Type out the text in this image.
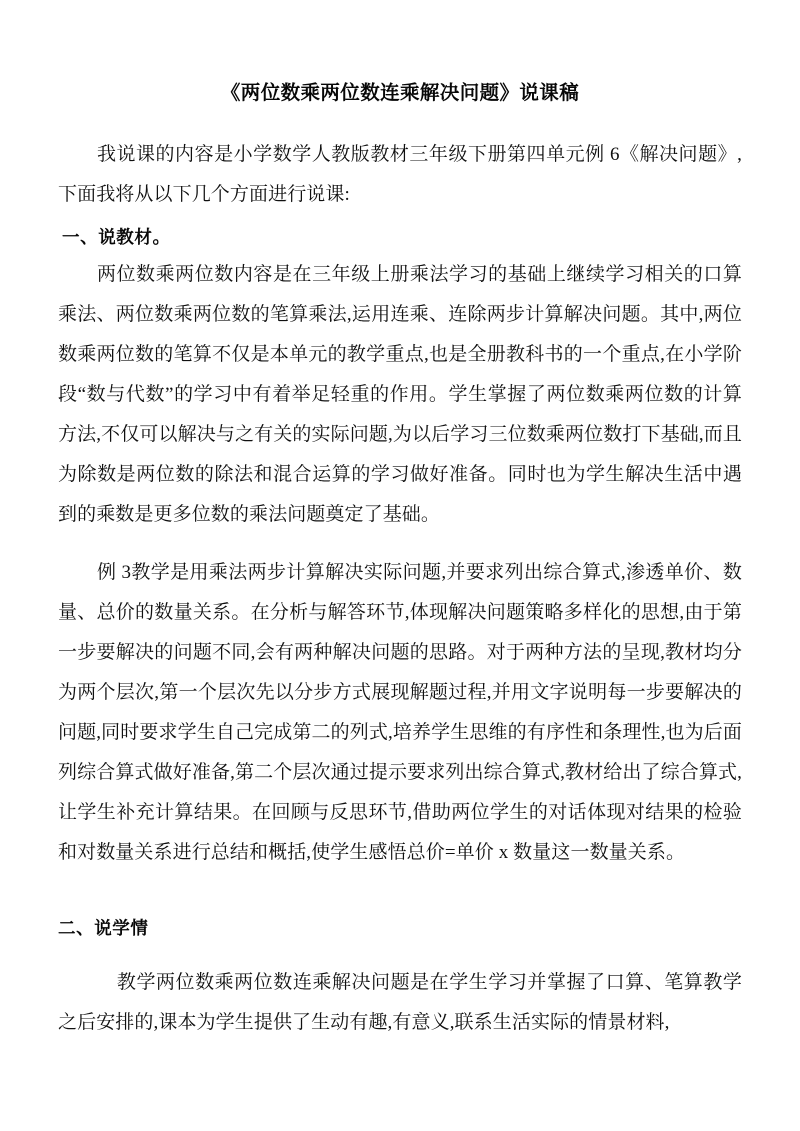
《两位数乘两位数连乘解决问题》说课稿

我说课的内容是小学数学人教版教材三年级下册第四单元例 6《解决问题》,下面我将从以下几个方面进行说课:

一、说教材。

两位数乘两位数内容是在三年级上册乘法学习的基础上继续学习相关的口算乘法、两位数乘两位数的笔算乘法,运用连乘、连除两步计算解决问题。其中,两位数乘两位数的笔算不仅是本单元的教学重点,也是全册教科书的一个重点,在小学阶段“数与代数”的学习中有着举足轻重的作用。学生掌握了两位数乘两位数的计算方法,不仅可以解决与之有关的实际问题,为以后学习三位数乘两位数打下基础,而且为除数是两位数的除法和混合运算的学习做好准备。同时也为学生解决生活中遇到的乘数是更多位数的乘法问题奠定了基础。

例 3教学是用乘法两步计算解决实际问题,并要求列出综合算式,渗透单价、数量、总价的数量关系。在分析与解答环节,体现解决问题策略多样化的思想,由于第一步要解决的问题不同,会有两种解决问题的思路。对于两种方法的呈现,教材均分为两个层次,第一个层次先以分步方式展现解题过程,并用文字说明每一步要解决的问题,同时要求学生自己完成第二的列式,培养学生思维的有序性和条理性,也为后面列综合算式做好准备,第二个层次通过提示要求列出综合算式,教材给出了综合算式,让学生补充计算结果。在回顾与反思环节,借助两位学生的对话体现对结果的检验和对数量关系进行总结和概括,使学生感悟总价=单价 x 数量这一数量关系。

二、说学情

教学两位数乘两位数连乘解决问题是在学生学习并掌握了口算、笔算教学之后安排的,课本为学生提供了生动有趣,有意义,联系生活实际的情景材料,
